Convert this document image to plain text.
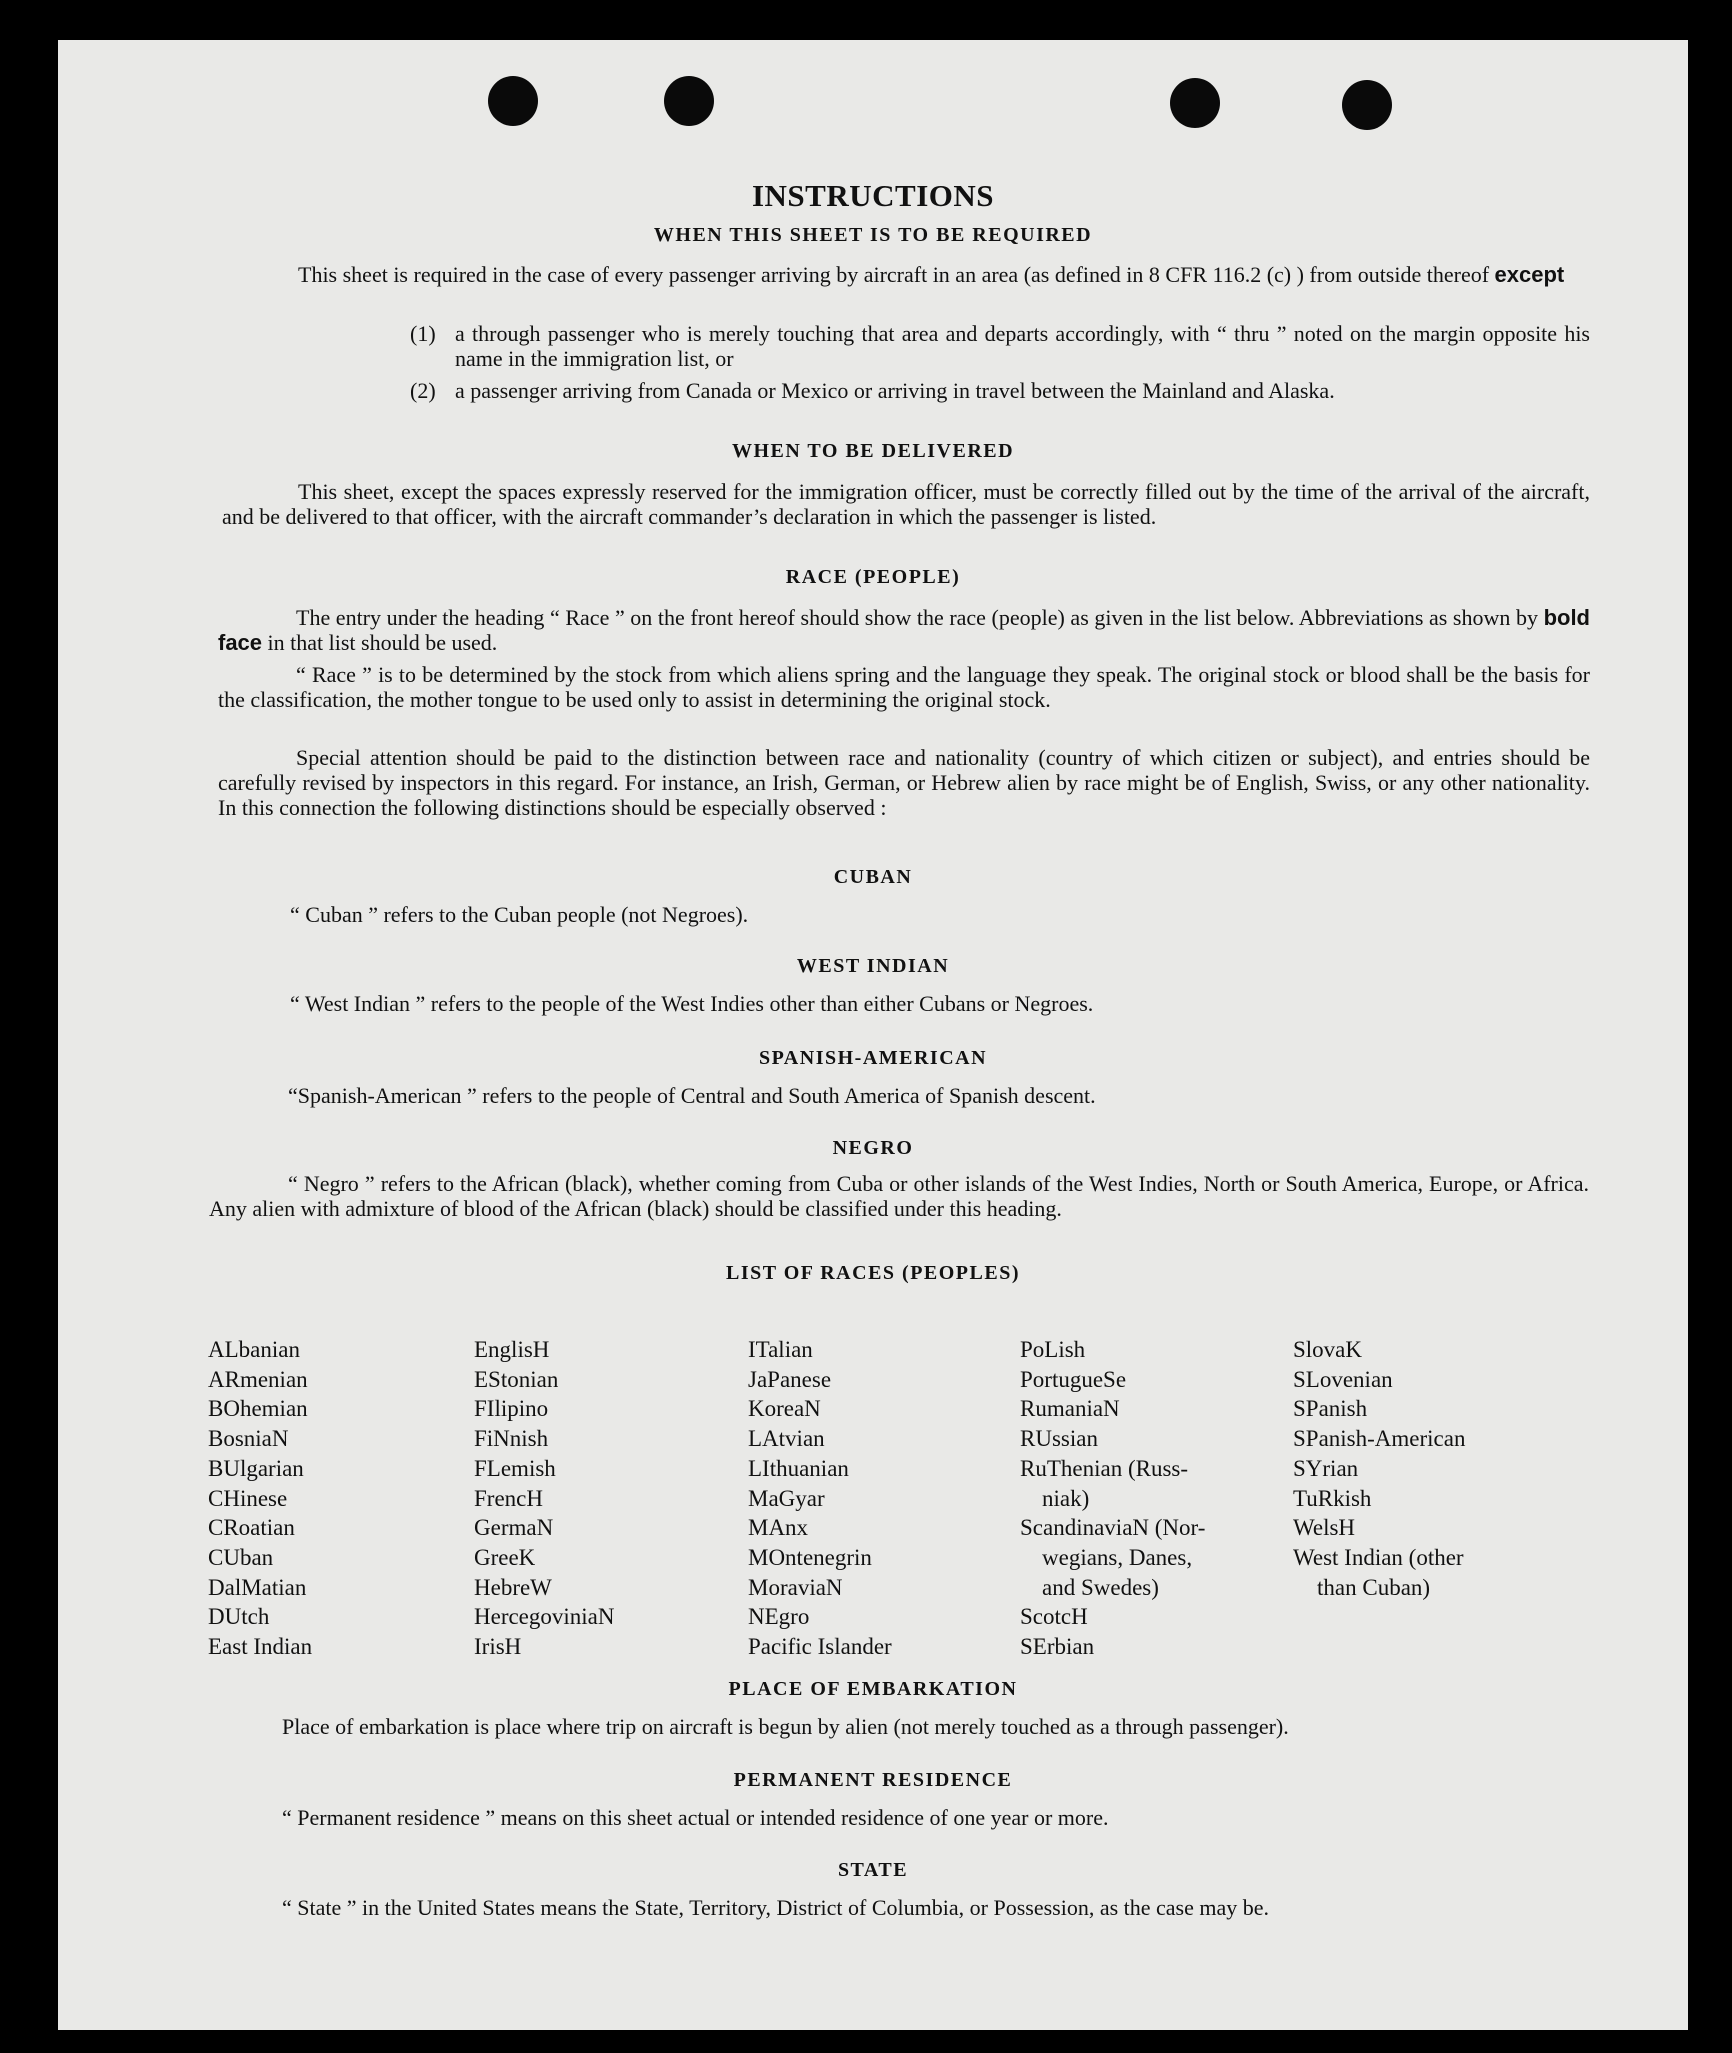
INSTRUCTIONS
WHEN THIS SHEET IS TO BE REQUIRED
This sheet is required in the case of every passenger arriving by aircraft in an area (as defined in 8 CFR 116.2 (c) ) from outside thereof except
(1) a through passenger who is merely touching that area and departs accordingly, with “ thru ” noted on the margin opposite his name in the immigration list, or
(2) a passenger arriving from Canada or Mexico or arriving in travel between the Mainland and Alaska.
WHEN TO BE DELIVERED
This sheet, except the spaces expressly reserved for the immigration officer, must be correctly filled out by the time of the arrival of the aircraft, and be delivered to that officer, with the aircraft commander’s declaration in which the passenger is listed.
RACE (PEOPLE)
The entry under the heading “ Race ” on the front hereof should show the race (people) as given in the list below. Abbreviations as shown by bold face in that list should be used.
“ Race ” is to be determined by the stock from which aliens spring and the language they speak. The original stock or blood shall be the basis for the classification, the mother tongue to be used only to assist in determining the original stock.
Special attention should be paid to the distinction between race and nationality (country of which citizen or subject), and entries should be carefully revised by inspectors in this regard. For instance, an Irish, German, or Hebrew alien by race might be of English, Swiss, or any other nationality. In this connection the following distinctions should be especially observed :
CUBAN
“ Cuban ” refers to the Cuban people (not Negroes).
WEST INDIAN
“ West Indian ” refers to the people of the West Indies other than either Cubans or Negroes.
SPANISH-AMERICAN
“Spanish-American ” refers to the people of Central and South America of Spanish descent.
NEGRO
“ Negro ” refers to the African (black), whether coming from Cuba or other islands of the West Indies, North or South America, Europe, or Africa. Any alien with admixture of blood of the African (black) should be classified under this heading.
LIST OF RACES (PEOPLES)
ALbanian
ARmenian
BOhemian
BosniaN
BUlgarian
CHinese
CRoatian
CUban
DalMatian
DUtch
East Indian
EnglisH
EStonian
FIlipino
FiNnish
FLemish
FrencH
GermaN
GreeK
HebreW
HercegoviniaN
IrisH
ITalian
JaPanese
KoreaN
LAtvian
LIthuanian
MaGyar
MAnx
MOntenegrin
MoraviaN
NEgro
Pacific Islander
PoLish
PortugueSe
RumaniaN
RUssian
RuThenian (Russ-
niak)
ScandinaviaN (Nor-
wegians, Danes,
and Swedes)
ScotcH
SErbian
SlovaK
SLovenian
SPanish
SPanish-American
SYrian
TuRkish
WelsH
West Indian (other
than Cuban)
PLACE OF EMBARKATION
Place of embarkation is place where trip on aircraft is begun by alien (not merely touched as a through passenger).
PERMANENT RESIDENCE
“ Permanent residence ” means on this sheet actual or intended residence of one year or more.
STATE
“ State ” in the United States means the State, Territory, District of Columbia, or Possession, as the case may be.
